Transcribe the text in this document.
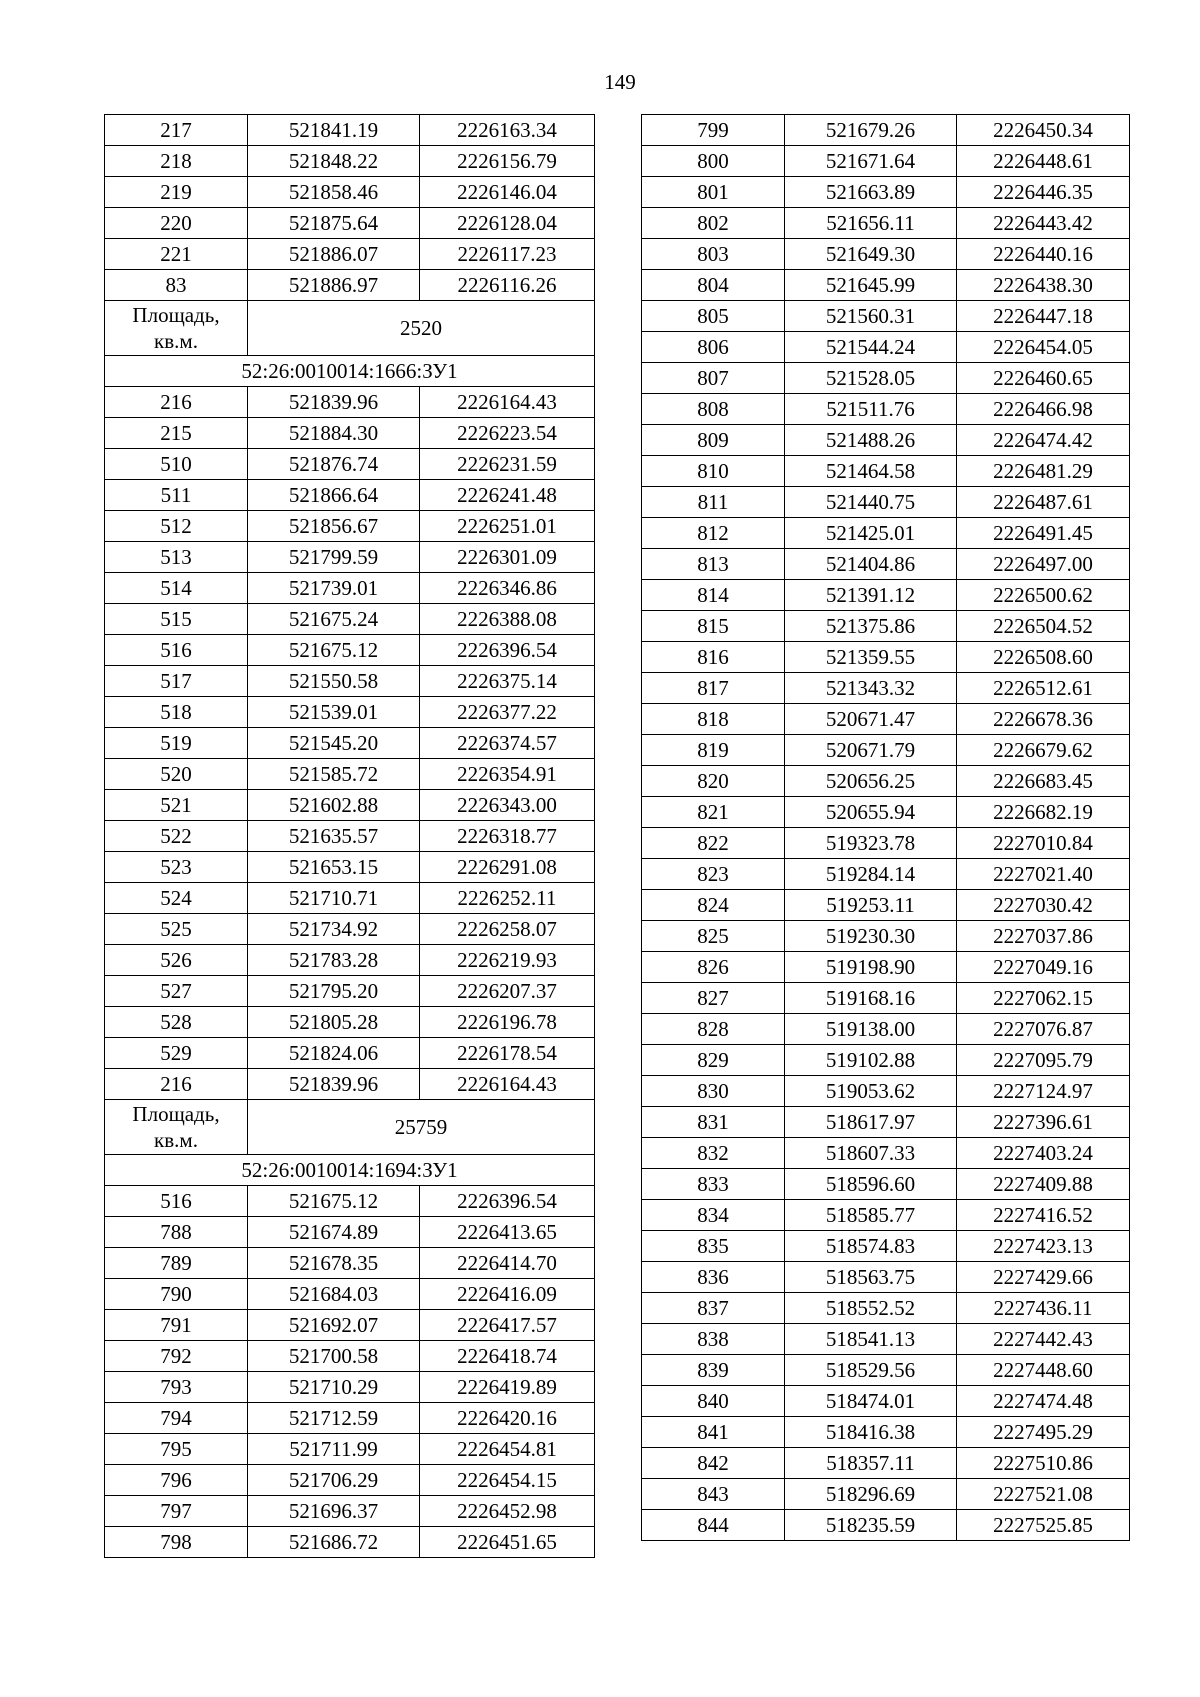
149
217	521841.19	2226163.34
218	521848.22	2226156.79
219	521858.46	2226146.04
220	521875.64	2226128.04
221	521886.07	2226117.23
83	521886.97	2226116.26
Площадь,
кв.м.	2520	
52:26:0010014:1666:ЗУ1		
216	521839.96	2226164.43
215	521884.30	2226223.54
510	521876.74	2226231.59
511	521866.64	2226241.48
512	521856.67	2226251.01
513	521799.59	2226301.09
514	521739.01	2226346.86
515	521675.24	2226388.08
516	521675.12	2226396.54
517	521550.58	2226375.14
518	521539.01	2226377.22
519	521545.20	2226374.57
520	521585.72	2226354.91
521	521602.88	2226343.00
522	521635.57	2226318.77
523	521653.15	2226291.08
524	521710.71	2226252.11
525	521734.92	2226258.07
526	521783.28	2226219.93
527	521795.20	2226207.37
528	521805.28	2226196.78
529	521824.06	2226178.54
216	521839.96	2226164.43
Площадь,
кв.м.	25759	
52:26:0010014:1694:ЗУ1		
516	521675.12	2226396.54
788	521674.89	2226413.65
789	521678.35	2226414.70
790	521684.03	2226416.09
791	521692.07	2226417.57
792	521700.58	2226418.74
793	521710.29	2226419.89
794	521712.59	2226420.16
795	521711.99	2226454.81
796	521706.29	2226454.15
797	521696.37	2226452.98
798	521686.72	2226451.65
799	521679.26	2226450.34
800	521671.64	2226448.61
801	521663.89	2226446.35
802	521656.11	2226443.42
803	521649.30	2226440.16
804	521645.99	2226438.30
805	521560.31	2226447.18
806	521544.24	2226454.05
807	521528.05	2226460.65
808	521511.76	2226466.98
809	521488.26	2226474.42
810	521464.58	2226481.29
811	521440.75	2226487.61
812	521425.01	2226491.45
813	521404.86	2226497.00
814	521391.12	2226500.62
815	521375.86	2226504.52
816	521359.55	2226508.60
817	521343.32	2226512.61
818	520671.47	2226678.36
819	520671.79	2226679.62
820	520656.25	2226683.45
821	520655.94	2226682.19
822	519323.78	2227010.84
823	519284.14	2227021.40
824	519253.11	2227030.42
825	519230.30	2227037.86
826	519198.90	2227049.16
827	519168.16	2227062.15
828	519138.00	2227076.87
829	519102.88	2227095.79
830	519053.62	2227124.97
831	518617.97	2227396.61
832	518607.33	2227403.24
833	518596.60	2227409.88
834	518585.77	2227416.52
835	518574.83	2227423.13
836	518563.75	2227429.66
837	518552.52	2227436.11
838	518541.13	2227442.43
839	518529.56	2227448.60
840	518474.01	2227474.48
841	518416.38	2227495.29
842	518357.11	2227510.86
843	518296.69	2227521.08
844	518235.59	2227525.85
